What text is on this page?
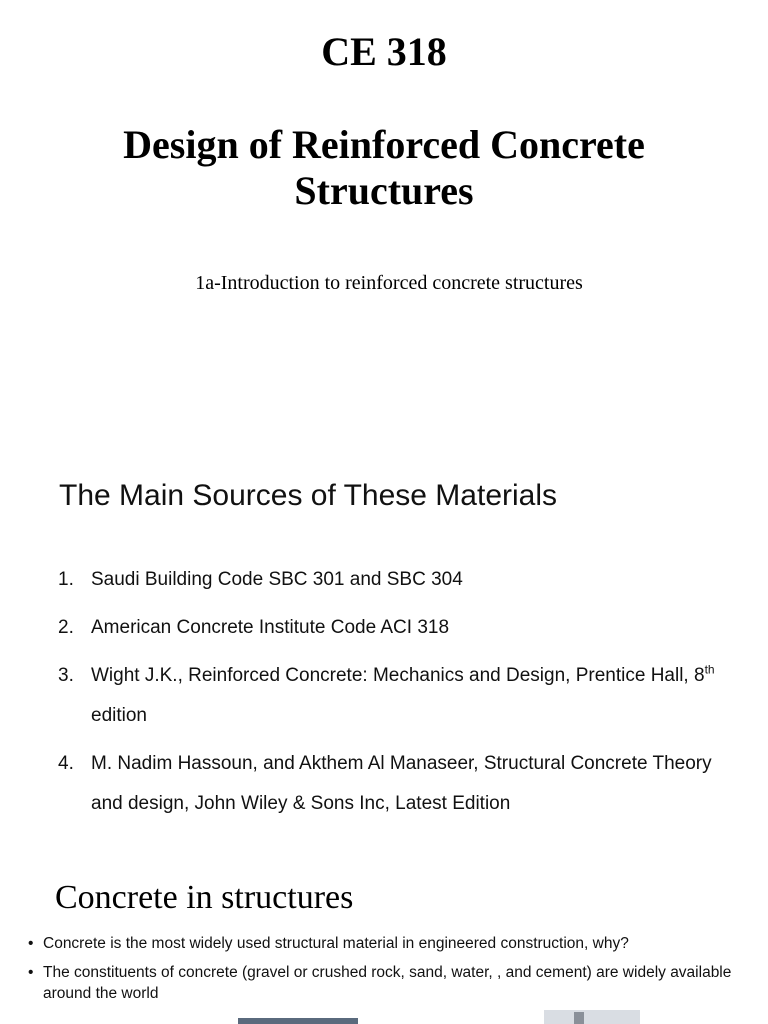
CE 318
Design of Reinforced Concrete Structures
1a-Introduction to reinforced concrete structures
The Main Sources of These Materials
1. Saudi Building Code SBC 301 and SBC 304
2. American Concrete Institute Code ACI 318
3. Wight J.K., Reinforced Concrete: Mechanics and Design, Prentice Hall, 8th edition
4. M. Nadim Hassoun, and Akthem Al Manaseer, Structural Concrete Theory and design, John Wiley & Sons Inc, Latest Edition
Concrete in structures
• Concrete is the most widely used structural material in engineered construction, why?
• The constituents of concrete (gravel or crushed rock, sand, water, , and cement) are widely available around the world
